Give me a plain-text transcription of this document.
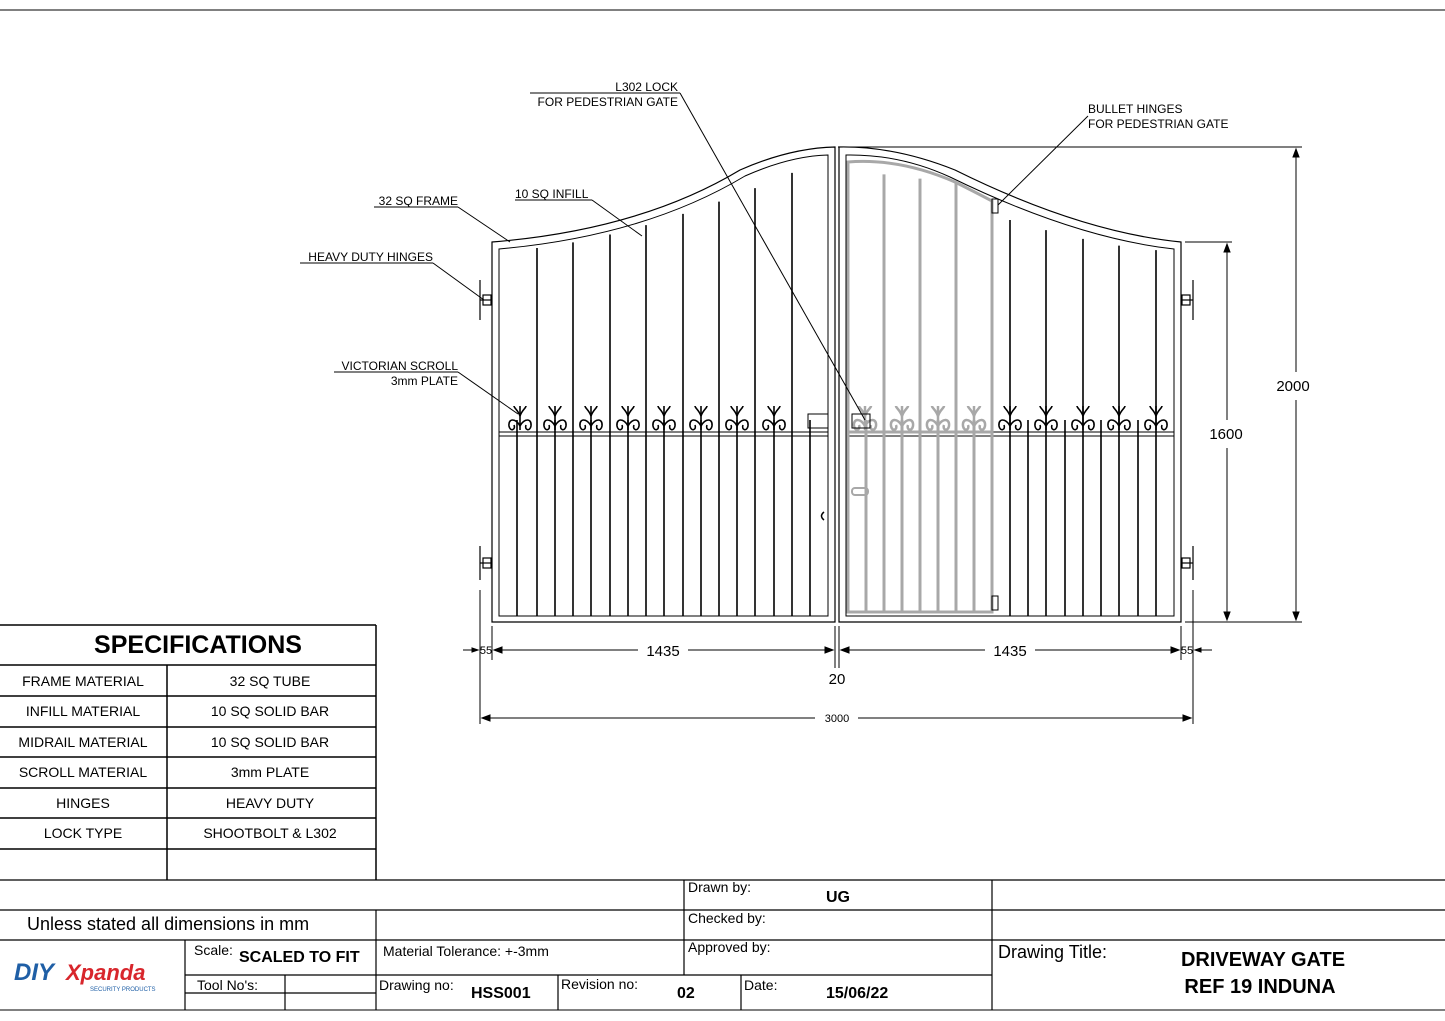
L302 LOCK
FOR PEDESTRIAN GATE	BULLET HINGES
FOR PEDESTRIAN GATE
32 SQ FRAME	10 SQ INFILL
HEAVY DUTY HINGES
VICTORIAN SCROLL
3mm PLATE
1435	1435
55	55
20
3000
2000
1600
SPECIFICATIONS
FRAME MATERIAL	32 SQ TUBE
INFILL MATERIAL	10 SQ SOLID BAR
MIDRAIL MATERIAL	10 SQ SOLID BAR
SCROLL MATERIAL	3mm PLATE
HINGES	HEAVY DUTY
LOCK TYPE	SHOOTBOLT & L302
Unless stated all dimensions in mm
DIY Xpanda
SECURITY PRODUCTS
Scale: SCALED TO FIT
Tool No's:
Material Tolerance: +-3mm
Drawing no: HSS001
Revision no:
02	Date:	15/06/22
Drawn by:
UG
Checked by:
Approved by:	Drawing Title:	DRIVEWAY GATE
REF 19 INDUNA
